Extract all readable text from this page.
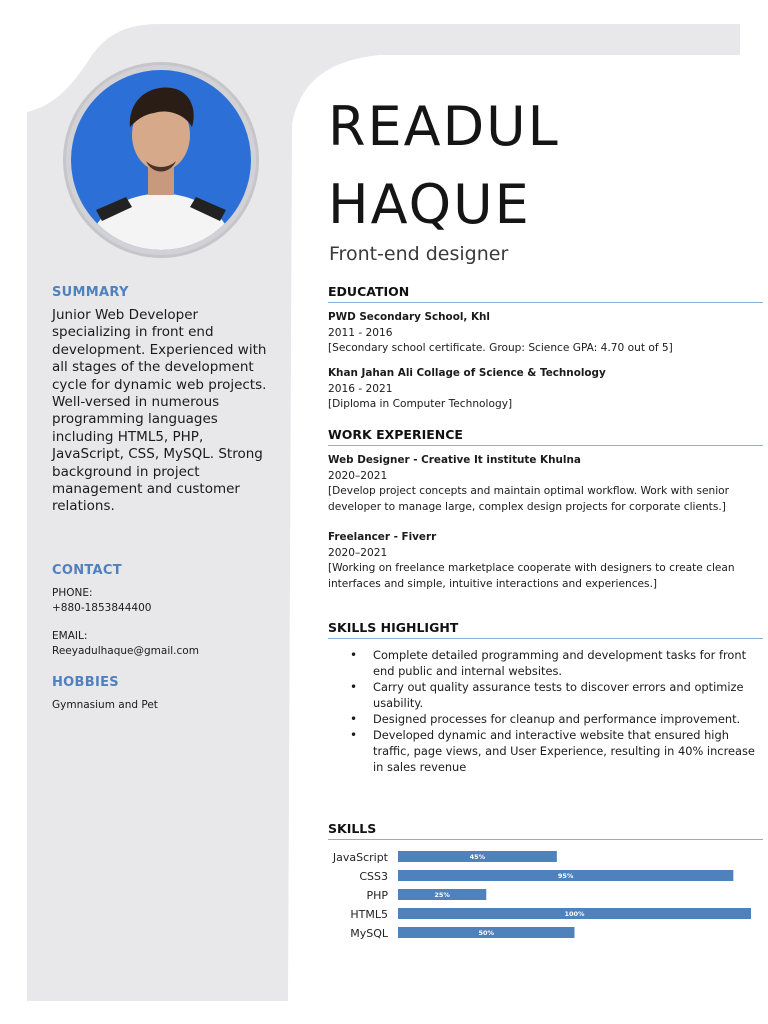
SUMMARY
Junior Web Developer specializing in front end development. Experienced with all stages of the development cycle for dynamic web projects. Well-versed in numerous programming languages including HTML5, PHP, JavaScript, CSS, MySQL. Strong background in project management and customer relations.
CONTACT
PHONE:
+880-1853844400
EMAIL:
Reeyadulhaque@gmail.com
HOBBIES
Gymnasium and Pet
READUL
HAQUE
Front-end designer
EDUCATION
PWD Secondary School, Khl
2011 - 2016
[Secondary school certificate. Group: Science GPA: 4.70 out of 5]
Khan Jahan Ali Collage of Science & Technology
2016 - 2021
[Diploma in Computer Technology]
WORK EXPERIENCE
Web Designer - Creative It institute Khulna
2020–2021
[Develop project concepts and maintain optimal workflow. Work with senior developer to manage large, complex design projects for corporate clients.]
Freelancer - Fiverr
2020–2021
[Working on freelance marketplace cooperate with designers to create clean interfaces and simple, intuitive interactions and experiences.]
SKILLS HIGHLIGHT
• Complete detailed programming and development tasks for front end public and internal websites.
• Carry out quality assurance tests to discover errors and optimize usability.
• Designed processes for cleanup and performance improvement.
• Developed dynamic and interactive website that ensured high traffic, page views, and User Experience, resulting in 40% increase in sales revenue
SKILLS
JavaScript	45%
CSS3	95%
PHP	25%
HTML5	100%
MySQL	50%
